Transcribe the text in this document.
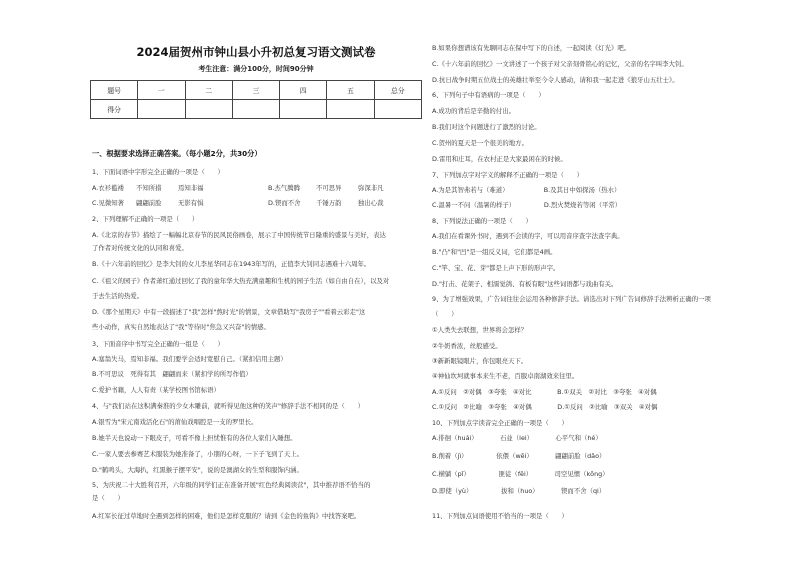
2024届贺州市钟山县小升初总复习语文测试卷
考生注意：满分100分，时间90分钟
题号	一	二	三	四	五	总分
得分						
一、根据要求选择正确答案。（每小题2分，共30分）
1、下面词语中字形完全正确的一项是（　　）
2、下列理解不正确的一项是（　　）
A.《北京的春节》描绘了一幅幅北京春节的民风民俗画卷，展示了中国传统节日隆重的盛景与美好，表达
了作者对传统文化的认同和喜爱。
B.《十六年前的回忆》是李大钊的女儿李星华同志在1943年写的，正值李大钊同志遇难十六周年。
C.《祖父的园子》作者萧红通过回忆了我的童年华大热充满童趣和生机的园子生活（如自由自在），以及对
于去生活的热爱。
D.《那个星期天》中有一段描述了"我"怎样"熬时光"的情景，文章借助写"我房子""看着云彩走"这
些小动作，真实自然地表达了"我"等待时"焦急又兴奋"的情感。
3、下面音序中书写完全正确的一组是（　　）
A.塞翁失马，焉知非福。我们要学会适时宽慰自己。（紧扣信用主题）
B.不可思议　死得有其　翩翩而来（紧扣学的所写作值）
C.爱护书籍，人人有责（某学校图书馆标语）
4、与"我们站在这积满秦淮的少女木雕前，就听得见他这种的笑声"修辞手法不相同的是（　　）
A.银雪为"宋元南戏活化石"的莆仙戏唱腔是一支的罗里长。
B.她半天也说动一下眼皮子，可看不像上担忧惟有的各位人家们入睡想。
C.一家人要去参赛艺术服装为她准备了，小朋的心呀，一下子飞到了天上。
D."鹤鸣头，大海扒，红黑猴子摆平安"，说的是澳湖女的生型和服饰内涵。
5、为庆祝二十大胜利召开，六年级的同学们正在准备开展"红色经典阅读营"，其中推荐语不恰当的
是（　　）
A.红军长征过草地时全遇到怎样的困难，他们是怎样克服的？请到《金色的鱼钩》中找答案吧。
A.衣衫褴褛 不知所措	焉知非福	B.杰气腾腾	不可思异	弥深非凡
C.见微知著 翩翩前脸	无影有惧	D.锲而不舍 千锤万韵	独出心裁
B.如果你想谱该有先聊同志在保中写下的自述，一起阅读《灯光》吧。
C.《十六年前的回忆》一文讲述了一个孩子对父亲刻骨铭心的记忆，父亲的名字叫李大钊。
D.抗日战争时期五位战士的英雄壮举至今令人感动，请和我一起走进《狼牙山五壮士》。
6、下列句子中有语病的一项是（　　）
A.成功的背后是辛勤的付出。
B.我们对这个问题进行了激烈的讨论。
C.贺州的夏天是一个很美的地方。
D.雷用和庄耳，在农村正是大家最闲在的时候。
7、下列加点字对字义的解释不正确的一项是（　　）
A.为是其智弗若与（难道）　　　　　　B.及其日中如探汤（热水）
C.温暑一不问（温暑的样子）　　　　　D.烈火焚烧若等闲（平常）
8、下列说法正确的一项是（　　）
A.我们在看课外书时，遇到不会读的字，可以用音序查字法查字典。
B."凸"和"凹"是一组反义词，它们都是4画。
C."竿、宝、花、芽"都是上声下形的形声字。
D."打击、花架子、相濡觉鸽、有板有眼"这些词语都与戏曲有关。
9、为了增强效果，广告词往往会运用各种修辞手法。请选出对下列广告词修辞手法辨析正确的一项
（　　）
①人类失去联想，世界将会怎样？
②牛奶香浓，丝般感受。
③新新眼镜眼片，你包眼亮天下。
④神仙坎坷就事本来生不老，百服卓南湖效来往里。
A.①反问　②对偶　③夸张　④对比　　　　B.①双关　②对比　③夸张　④对偶
C.①反问　②比喻　③夸张　④对偶　　　　D.①反问　②比喻　③双关　④对偶
10、下列加点字读音完全正确的一项是（　　）
A.徘徊（huái）　　　　石並（lei）　　　　心平气和（hé）
B.削着（jì）　　　　　依偎（wēi）　　　　翩翩前脸（dǎo）
C.横躺（pǐ）　　　　　匪徒（fěi）　　　　司空见惯（kōng）
D.即使（yù）　　　　　拔和（huo）　　　　锲而不舍（qi）
11、下列加点词语使用不恰当的一项是（　　）
